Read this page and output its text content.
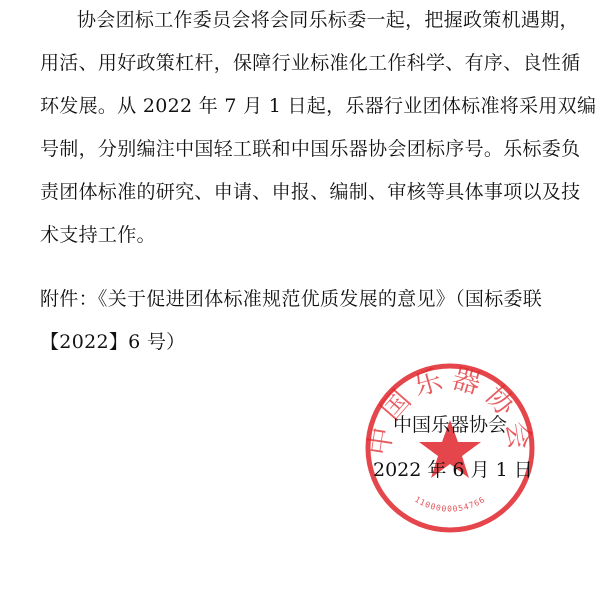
协会团标工作委员会将会同乐标委一起，把握政策机遇期，
用活、用好政策杠杆，保障行业标准化工作科学、有序、良性循
环发展。从 2022 年 7 月 1 日起，乐器行业团体标准将采用双编
号制，分别编注中国轻工联和中国乐器协会团标序号。乐标委负
责团体标准的研究、申请、申报、编制、审核等具体事项以及技
术支持工作。
附件：《关于促进团体标准规范优质发展的意见》（国标委联
【2022】6 号）
中国乐器协会
1100000054766
中国乐器协会
2022 年 6 月 1 日
